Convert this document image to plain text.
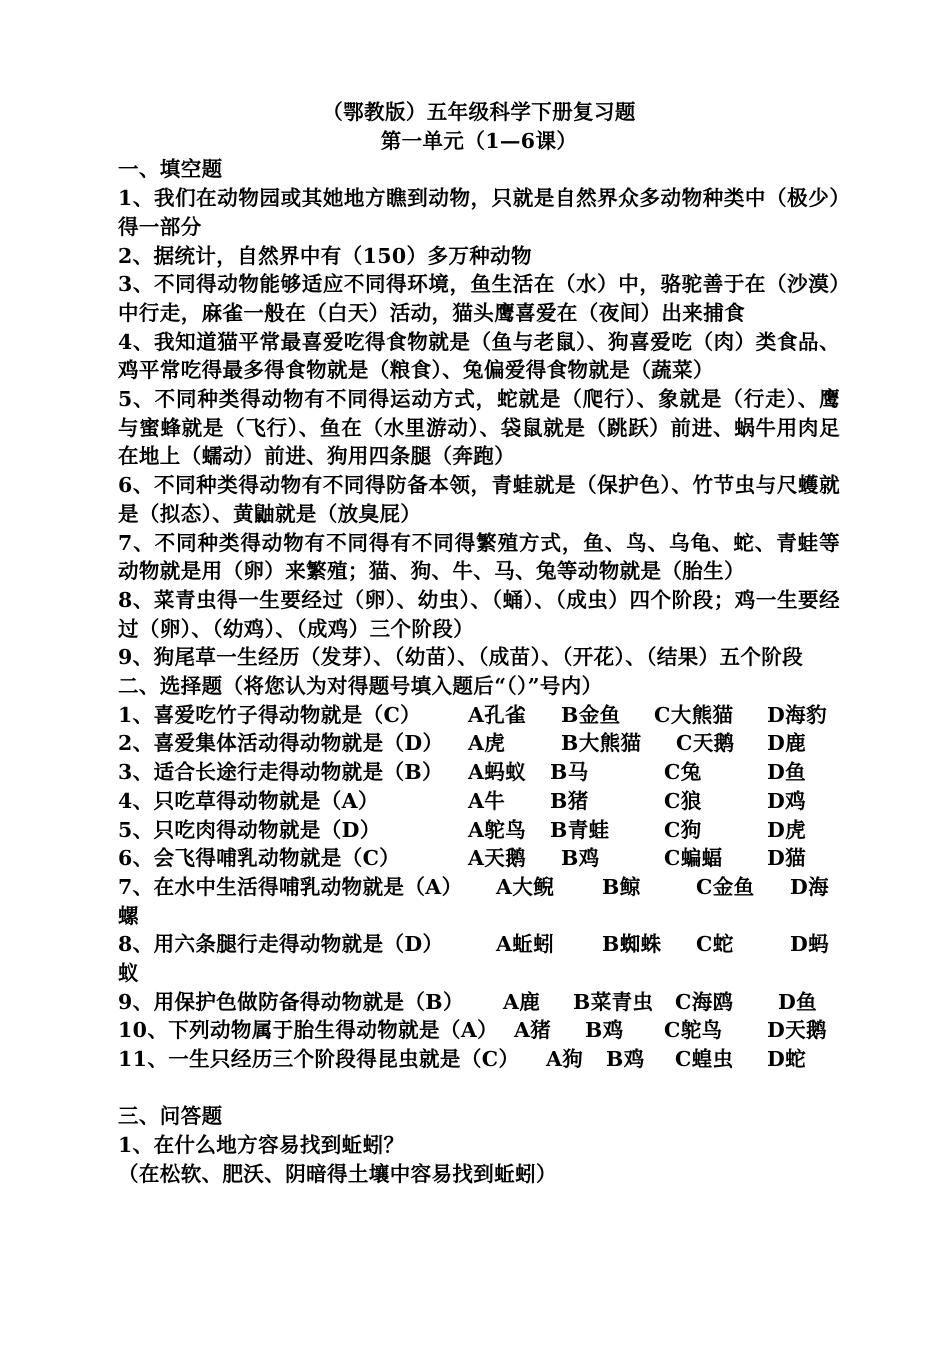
（鄂教版）五年级科学下册复习题
第一单元（1—6课）
一、填空题
1、我们在动物园或其她地方瞧到动物，只就是自然界众多动物种类中（极少）得一部分
2、据统计，自然界中有（150）多万种动物
3、不同得动物能够适应不同得环境，鱼生活在（水）中，骆驼善于在（沙漠）中行走，麻雀一般在（白天）活动，猫头鹰喜爱在（夜间）出来捕食
4、我知道猫平常最喜爱吃得食物就是（鱼与老鼠）、狗喜爱吃（肉）类食品、鸡平常吃得最多得食物就是（粮食）、兔偏爱得食物就是（蔬菜）
5、不同种类得动物有不同得运动方式，蛇就是（爬行）、象就是（行走）、鹰与蜜蜂就是（飞行）、鱼在（水里游动）、袋鼠就是（跳跃）前进、蜗牛用肉足在地上（蠕动）前进、狗用四条腿（奔跑）
6、不同种类得动物有不同得防备本领，青蛙就是（保护色）、竹节虫与尺蠖就是（拟态）、黄鼬就是（放臭屁）
7、不同种类得动物有不同得有不同得繁殖方式，鱼、鸟、乌龟、蛇、青蛙等动物就是用（卵）来繁殖；猫、狗、牛、马、兔等动物就是（胎生）
8、菜青虫得一生要经过（卵）、幼虫）、（蛹）、（成虫）四个阶段；鸡一生要经过（卵）、（幼鸡）、（成鸡）三个阶段）
9、狗尾草一生经历（发芽）、（幼苗）、（成苗）、（开花）、（结果）五个阶段
二、选择题（将您认为对得题号填入题后“（）”号内）
1、喜爱吃竹子得动物就是（C） A孔雀 B金鱼 C大熊猫 D海豹
2、喜爱集体活动得动物就是（D） A虎	B大熊猫 C天鹅 D鹿
3、适合长途行走得动物就是（B） A蚂蚁 B马	C兔	D鱼
4、只吃草得动物就是（A）	A牛 B猪	C狼	D鸡
5、只吃肉得动物就是（D）	A鸵鸟 B青蛙	C狗	D虎
6、会飞得哺乳动物就是（C）	A天鹅 B鸡	C蝙蝠 D猫
7、在水中生活得哺乳动物就是（A） A大鲵 B鲸	C金鱼 D海
螺
8、用六条腿行走得动物就是（D）	A蚯蚓 B蜘蛛 C蛇	D蚂
蚁
9、用保护色做防备得动物就是（B） A鹿 B菜青虫 C海鸥 D鱼
10、下列动物属于胎生得动物就是（A） A猪 B鸡 C鸵鸟 D天鹅
11、一生只经历三个阶段得昆虫就是（C） A狗 B鸡 C蝗虫 D蛇
三、问答题
1、在什么地方容易找到蚯蚓？
（在松软、肥沃、阴暗得土壤中容易找到蚯蚓）
